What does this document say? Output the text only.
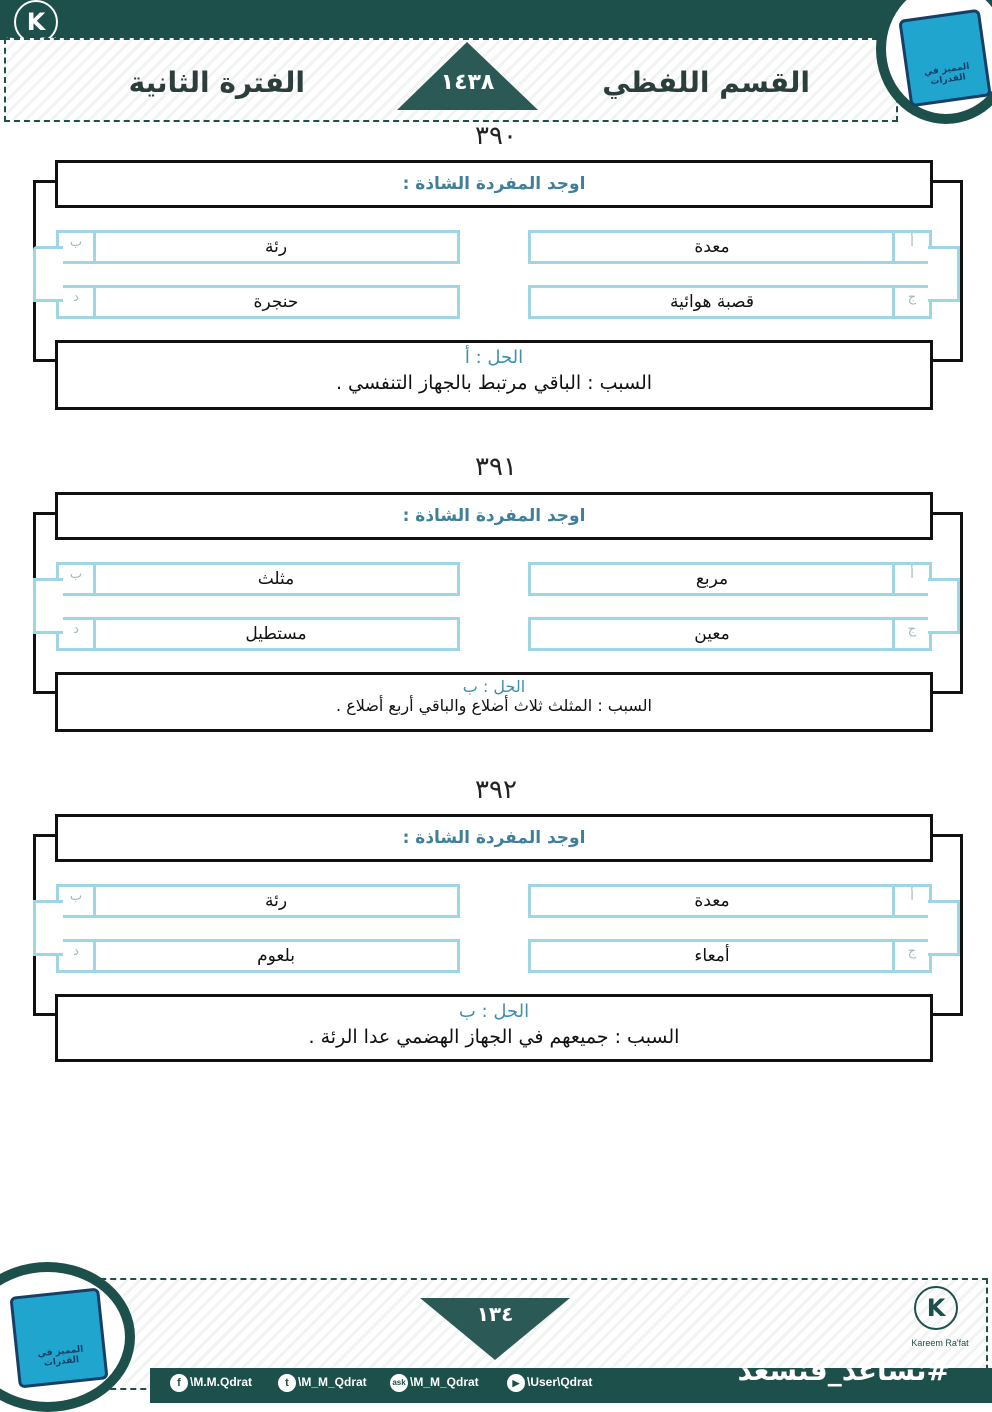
K
١٤٣٨	القسم اللفظي
الفترة الثانية	المميز في القدرات
٣٩٠
اوجد المفردة الشاذة :
معدة	أ
رئة
ب
قصبة هوائية	ج
حنجرة
د
الحل : أ
السبب : الباقي مرتبط بالجهاز التنفسي .
٣٩١
اوجد المفردة الشاذة :
مربع	أ
مثلث
ب
معين	ج
مستطيل
د
الحل : ب
السبب : المثلث ثلاث أضلاع والباقي أربع أضلاع .
٣٩٢
اوجد المفردة الشاذة :
معدة	أ
رئة
ب
أمعاء	ج
بلعوم
د
الحل : ب
السبب : جميعهم في الجهاز الهضمي عدا الرئة .
المميز في القدرات
١٣٤	K
Kareem Ra'fat
f \M.M.Qdrat	t \M_M_Qdrat	ask \M_M_Qdrat	▶ \User\Qdrat	#نساعد_فنسعد
